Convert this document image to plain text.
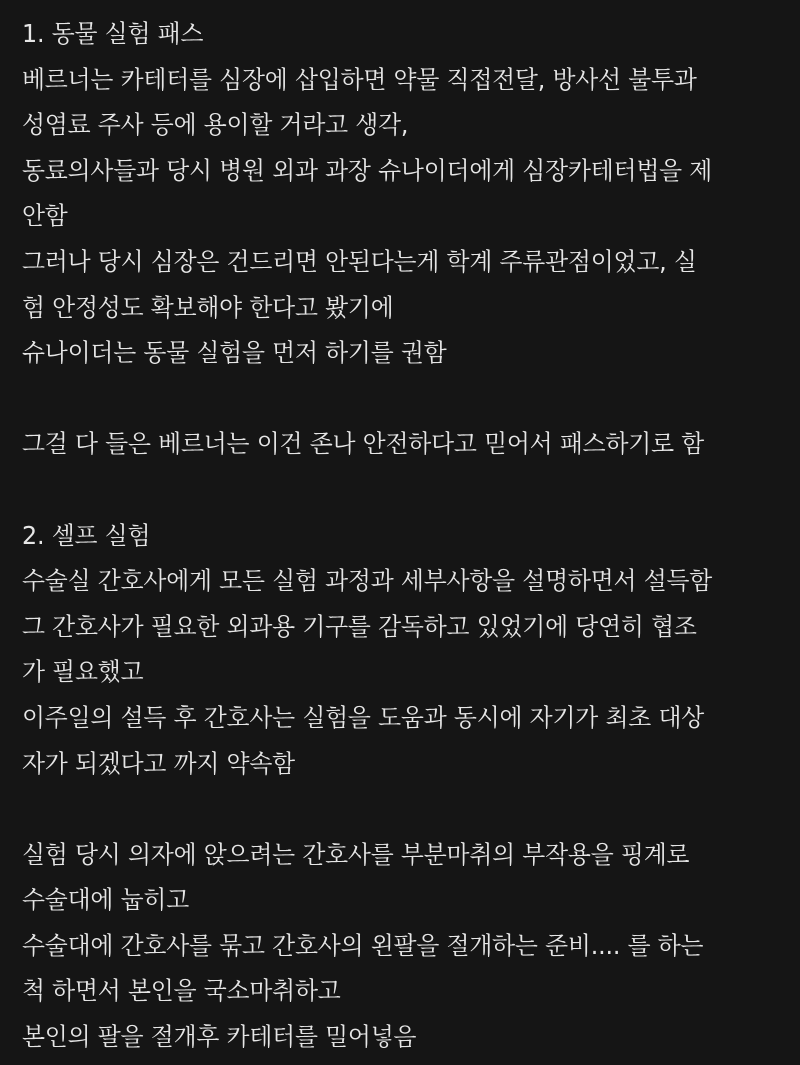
1. 동물 실험 패스
베르너는 카테터를 심장에 삽입하면 약물 직접전달, 방사선 불투과
성염료 주사 등에 용이할 거라고 생각,
동료의사들과 당시 병원 외과 과장 슈나이더에게 심장카테터법을 제
안함
그러나 당시 심장은 건드리면 안된다는게 학계 주류관점이었고, 실
험 안정성도 확보해야 한다고 봤기에
슈나이더는 동물 실험을 먼저 하기를 권함
그걸 다 들은 베르너는 이건 존나 안전하다고 믿어서 패스하기로 함
2. 셀프 실험
수술실 간호사에게 모든 실험 과정과 세부사항을 설명하면서 설득함
그 간호사가 필요한 외과용 기구를 감독하고 있었기에 당연히 협조
가 필요했고
이주일의 설득 후 간호사는 실험을 도움과 동시에 자기가 최초 대상
자가 되겠다고 까지 약속함
실험 당시 의자에 앉으려는 간호사를 부분마취의 부작용을 핑계로
수술대에 눕히고
수술대에 간호사를 묶고 간호사의 왼팔을 절개하는 준비.... 를 하는
척 하면서 본인을 국소마취하고
본인의 팔을 절개후 카테터를 밀어넣음
